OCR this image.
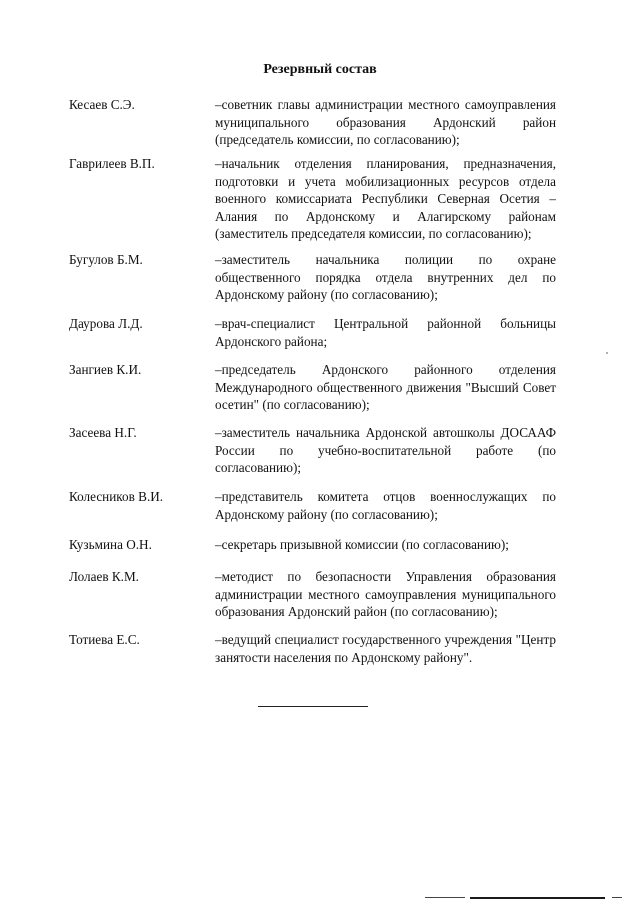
Резервный состав
Кесаев С.Э.	–советник главы администрации местного самоуправления муниципального образования Ардонский район (председатель комиссии, по согласованию);
Гаврилеев В.П.	–начальник отделения планирования, предназначения, подготовки и учета мобилизационных ресурсов отдела военного комиссариата Республики Северная Осетия – Алания по Ардонскому и Алагирскому районам (заместитель председателя комиссии, по согласованию);
Бугулов Б.М.	–заместитель начальника полиции по охране общественного порядка отдела внутренних дел по Ардонскому району (по согласованию);
Даурова Л.Д.	–врач-специалист Центральной районной больницы Ардонского района;
Зангиев К.И.	–председатель Ардонского районного отделения Международного общественного движения "Высший Совет осетин" (по согласованию);
Засеева Н.Г.	–заместитель начальника Ардонской автошколы ДОСААФ России по учебно-воспитательной работе (по согласованию);
Колесников В.И.	–представитель комитета отцов военнослужащих по Ардонскому району (по согласованию);
Кузьмина О.Н.	–секретарь призывной комиссии (по согласованию);
Лолаев К.М.	–методист по безопасности Управления образования администрации местного самоуправления муниципального образования Ардонский район (по согласованию);
Тотиева Е.С.	–ведущий специалист государственного учреждения "Центр занятости населения по Ардонскому району".
